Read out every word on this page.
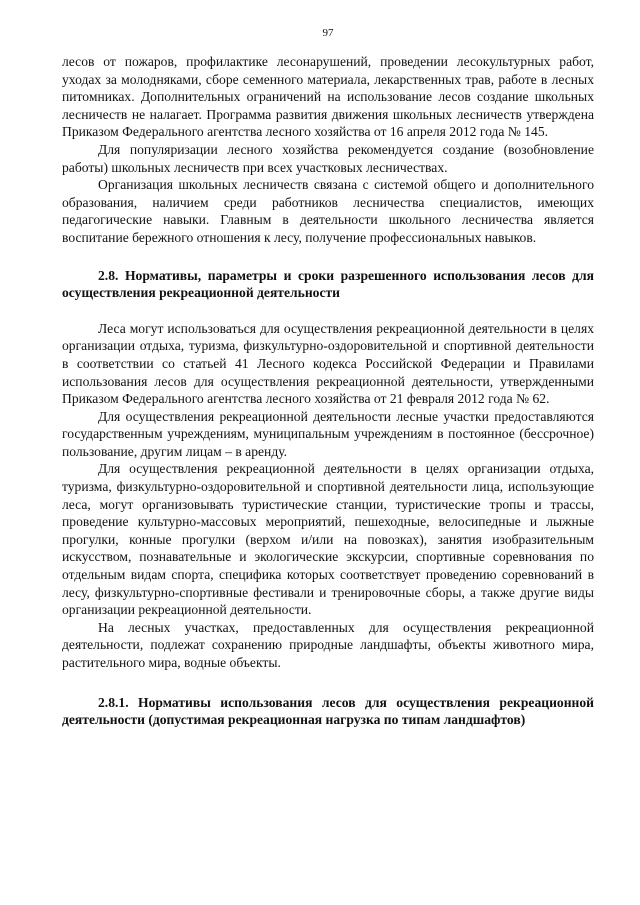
97

лесов от пожаров, профилактике лесонарушений, проведении лесокультурных работ, уходах за молодняками, сборе семенного материала, лекарственных трав, работе в лесных питомниках. Дополнительных ограничений на использование лесов создание школьных лесничеств не налагает. Программа развития движения школьных лесничеств утверждена Приказом Федерального агентства лесного хозяйства от 16 апреля 2012 года № 145.

Для популяризации лесного хозяйства рекомендуется создание (возобновление работы) школьных лесничеств при всех участковых лесничествах.

Организация школьных лесничеств связана с системой общего и дополнительного образования, наличием среди работников лесничества специалистов, имеющих педагогические навыки. Главным в деятельности школьного лесничества является воспитание бережного отношения к лесу, получение профессиональных навыков.

2.8. Нормативы, параметры и сроки разрешенного использования лесов для осуществления рекреационной деятельности

Леса могут использоваться для осуществления рекреационной деятельности в целях организации отдыха, туризма, физкультурно-оздоровительной и спортивной деятельности в соответствии со статьей 41 Лесного кодекса Российской Федерации и Правилами использования лесов для осуществления рекреационной деятельности, утвержденными Приказом Федерального агентства лесного хозяйства от 21 февраля 2012 года № 62.

Для осуществления рекреационной деятельности лесные участки предоставляются государственным учреждениям, муниципальным учреждениям в постоянное (бессрочное) пользование, другим лицам – в аренду.

Для осуществления рекреационной деятельности в целях организации отдыха, туризма, физкультурно-оздоровительной и спортивной деятельности лица, использующие леса, могут организовывать туристические станции, туристические тропы и трассы, проведение культурно-массовых мероприятий, пешеходные, велосипедные и лыжные прогулки, конные прогулки (верхом и/или на повозках), занятия изобразительным искусством, познавательные и экологические экскурсии, спортивные соревнования по отдельным видам спорта, специфика которых соответствует проведению соревнований в лесу, физкультурно-спортивные фестивали и тренировочные сборы, а также другие виды организации рекреационной деятельности.

На лесных участках, предоставленных для осуществления рекреационной деятельности, подлежат сохранению природные ландшафты, объекты животного мира, растительного мира, водные объекты.

2.8.1. Нормативы использования лесов для осуществления рекреационной деятельности (допустимая рекреационная нагрузка по типам ландшафтов)
